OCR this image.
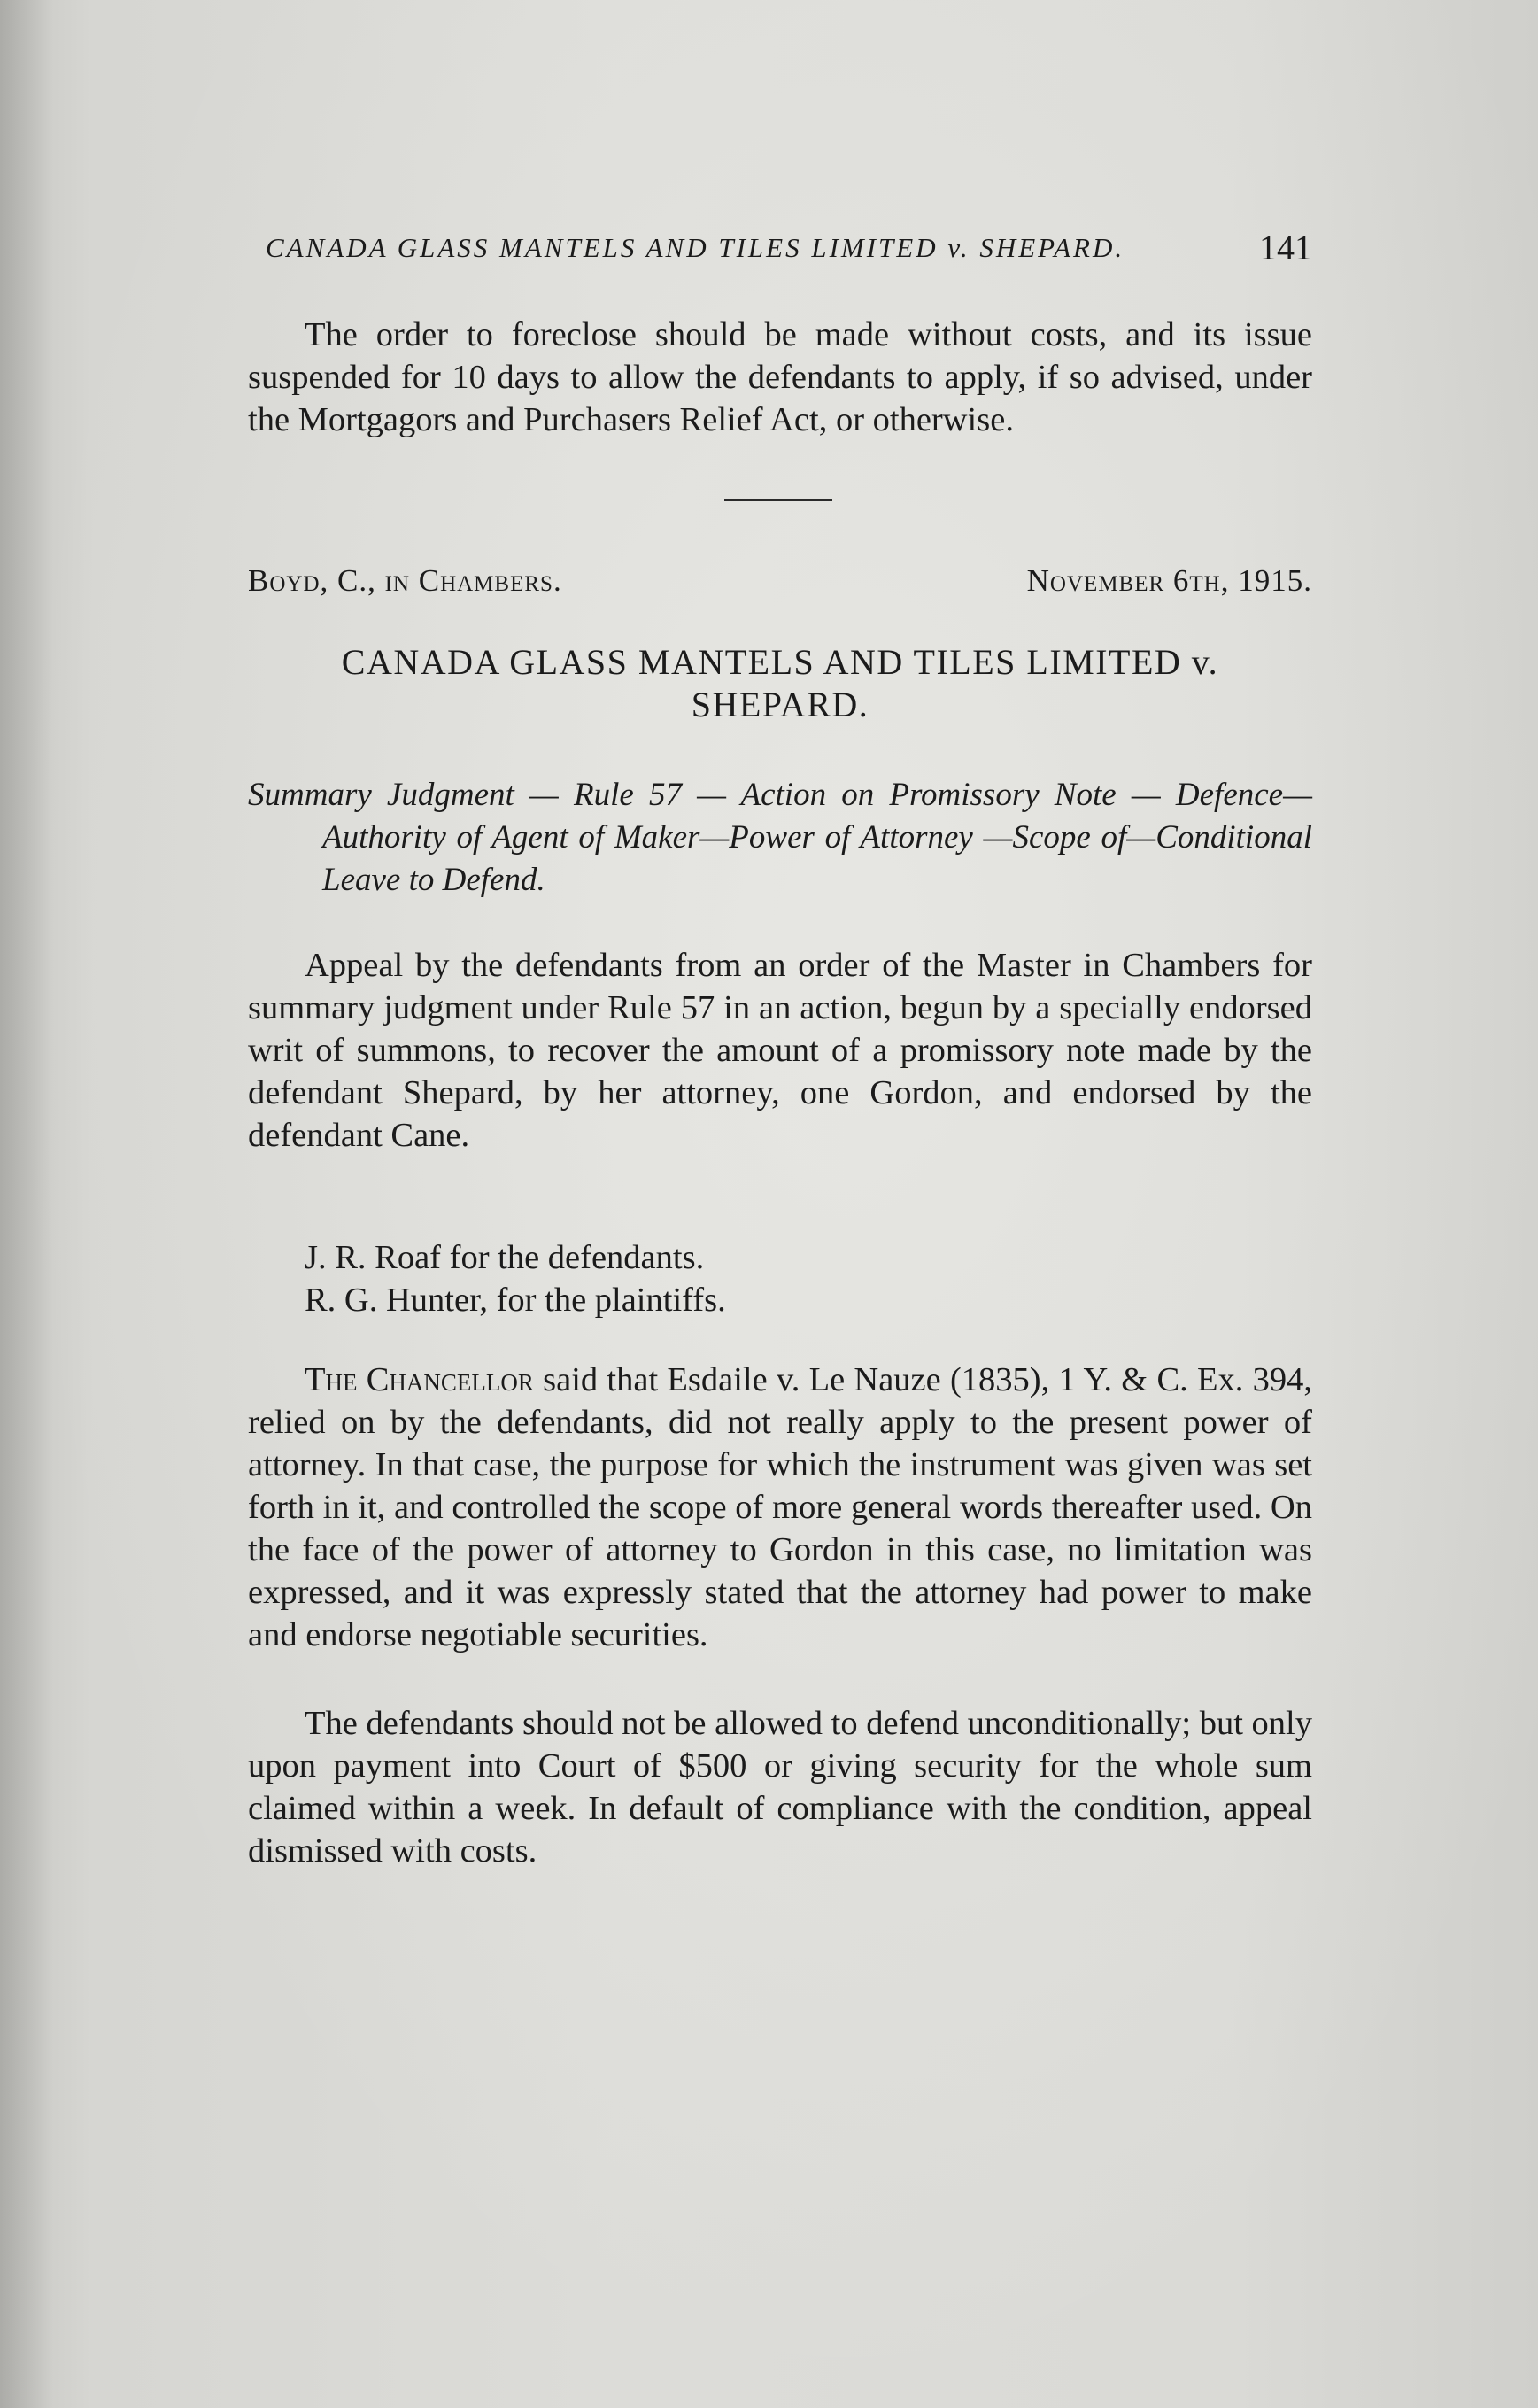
CANADA GLASS MANTELS AND TILES LIMITED v. SHEPARD.	141

The order to foreclose should be made without costs, and its issue suspended for 10 days to allow the defendants to apply, if so advised, under the Mortgagors and Purchasers Relief Act, or otherwise.

Boyd, C., in Chambers.	November 6th, 1915.
CANADA GLASS MANTELS AND TILES LIMITED v.
SHEPARD.
Summary Judgment — Rule 57 — Action on Promissory Note — Defence—Authority of Agent of Maker—Power of Attorney —Scope of—Conditional Leave to Defend.

Appeal by the defendants from an order of the Master in Chambers for summary judgment under Rule 57 in an action, begun by a specially endorsed writ of summons, to recover the amount of a promissory note made by the defendant Shepard, by her attorney, one Gordon, and endorsed by the defendant Cane.

J. R. Roaf for the defendants.
R. G. Hunter, for the plaintiffs.

The Chancellor said that Esdaile v. Le Nauze (1835), 1 Y. & C. Ex. 394, relied on by the defendants, did not really apply to the present power of attorney. In that case, the purpose for which the instrument was given was set forth in it, and controlled the scope of more general words thereafter used. On the face of the power of attorney to Gordon in this case, no limitation was expressed, and it was expressly stated that the attorney had power to make and endorse negotiable securities.

The defendants should not be allowed to defend unconditionally; but only upon payment into Court of $500 or giving security for the whole sum claimed within a week. In default of compliance with the condition, appeal dismissed with costs.
